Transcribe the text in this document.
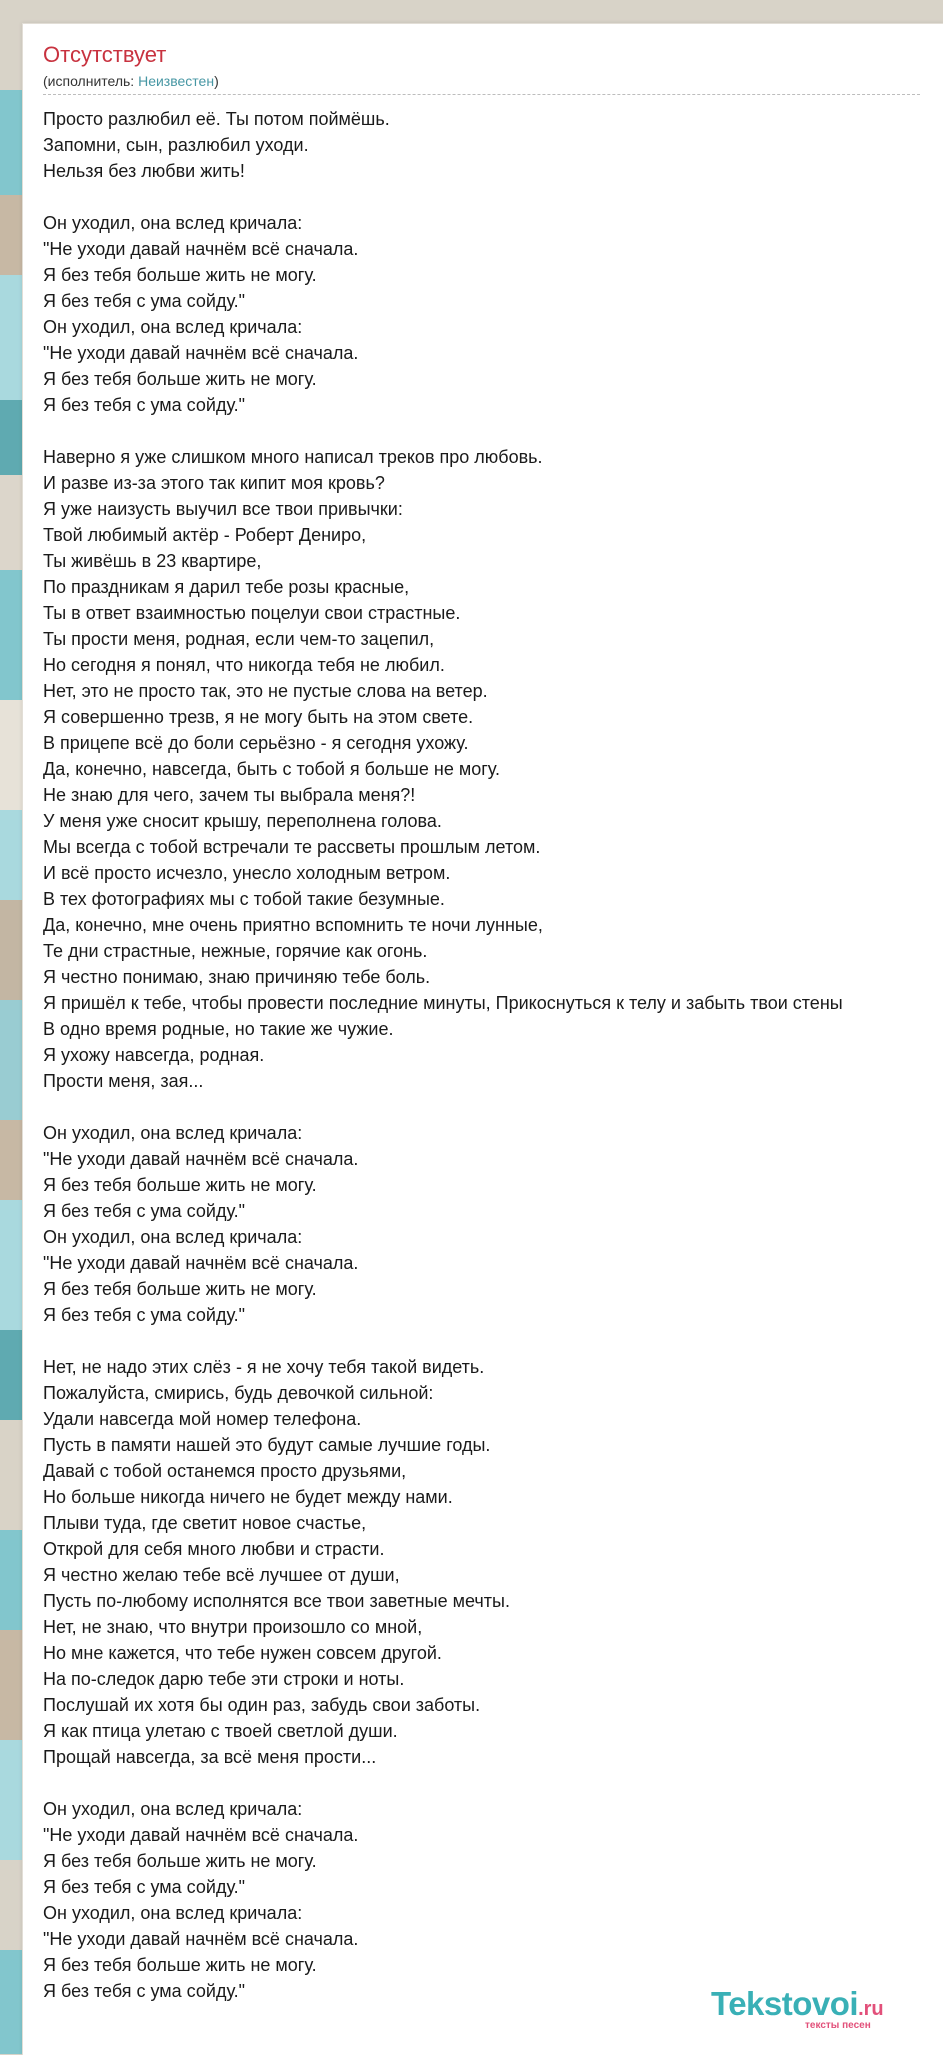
Отсутствует
(исполнитель: Неизвестен)
Просто разлюбил её. Ты потом поймёшь.
Запомни, сын, разлюбил уходи.
Нельзя без любви жить!

Он уходил, она вслед кричала:
"Не уходи давай начнём всё сначала.
Я без тебя больше жить не могу.
Я без тебя с ума сойду."
Он уходил, она вслед кричала:
"Не уходи давай начнём всё сначала.
Я без тебя больше жить не могу.
Я без тебя с ума сойду."

Наверно я уже слишком много написал треков про любовь.
И разве из-за этого так кипит моя кровь?
Я уже наизусть выучил все твои привычки:
Твой любимый актёр - Роберт Дениро,
Ты живёшь в 23 квартире,
По праздникам я дарил тебе розы красные,
Ты в ответ взаимностью поцелуи свои страстные.
Ты прости меня, родная, если чем-то зацепил,
Но сегодня я понял, что никогда тебя не любил.
Нет, это не просто так, это не пустые слова на ветер.
Я совершенно трезв, я не могу быть на этом свете.
В прицепе всё до боли серьёзно - я сегодня ухожу.
Да, конечно, навсегда, быть с тобой я больше не могу.
Не знаю для чего, зачем ты выбрала меня?!
У меня уже сносит крышу, переполнена голова.
Мы всегда с тобой встречали те рассветы прошлым летом.
И всё просто исчезло, унесло холодным ветром.
В тех фотографиях мы с тобой такие безумные.
Да, конечно, мне очень приятно вспомнить те ночи лунные,
Те дни страстные, нежные, горячие как огонь.
Я честно понимаю, знаю причиняю тебе боль.
Я пришёл к тебе, чтобы провести последние минуты, Прикоснуться к телу и забыть твои стены
В одно время родные, но такие же чужие.
Я ухожу навсегда, родная.
Прости меня, зая...

Он уходил, она вслед кричала:
"Не уходи давай начнём всё сначала.
Я без тебя больше жить не могу.
Я без тебя с ума сойду."
Он уходил, она вслед кричала:
"Не уходи давай начнём всё сначала.
Я без тебя больше жить не могу.
Я без тебя с ума сойду."

Нет, не надо этих слёз - я не хочу тебя такой видеть.
Пожалуйста, смирись, будь девочкой сильной:
Удали навсегда мой номер телефона.
Пусть в памяти нашей это будут самые лучшие годы.
Давай с тобой останемся просто друзьями,
Но больше никогда ничего не будет между нами.
Плыви туда, где светит новое счастье,
Открой для себя много любви и страсти.
Я честно желаю тебе всё лучшее от души,
Пусть по-любому исполнятся все твои заветные мечты.
Нет, не знаю, что внутри произошло со мной,
Но мне кажется, что тебе нужен совсем другой.
На по-следок дарю тебе эти строки и ноты.
Послушай их хотя бы один раз, забудь свои заботы.
Я как птица улетаю с твоей светлой души.
Прощай навсегда, за всё меня прости...

Он уходил, она вслед кричала:
"Не уходи давай начнём всё сначала.
Я без тебя больше жить не могу.
Я без тебя с ума сойду."
Он уходил, она вслед кричала:
"Не уходи давай начнём всё сначала.
Я без тебя больше жить не могу.
Я без тебя с ума сойду."	Tekstovoi.ru
тексты песен
